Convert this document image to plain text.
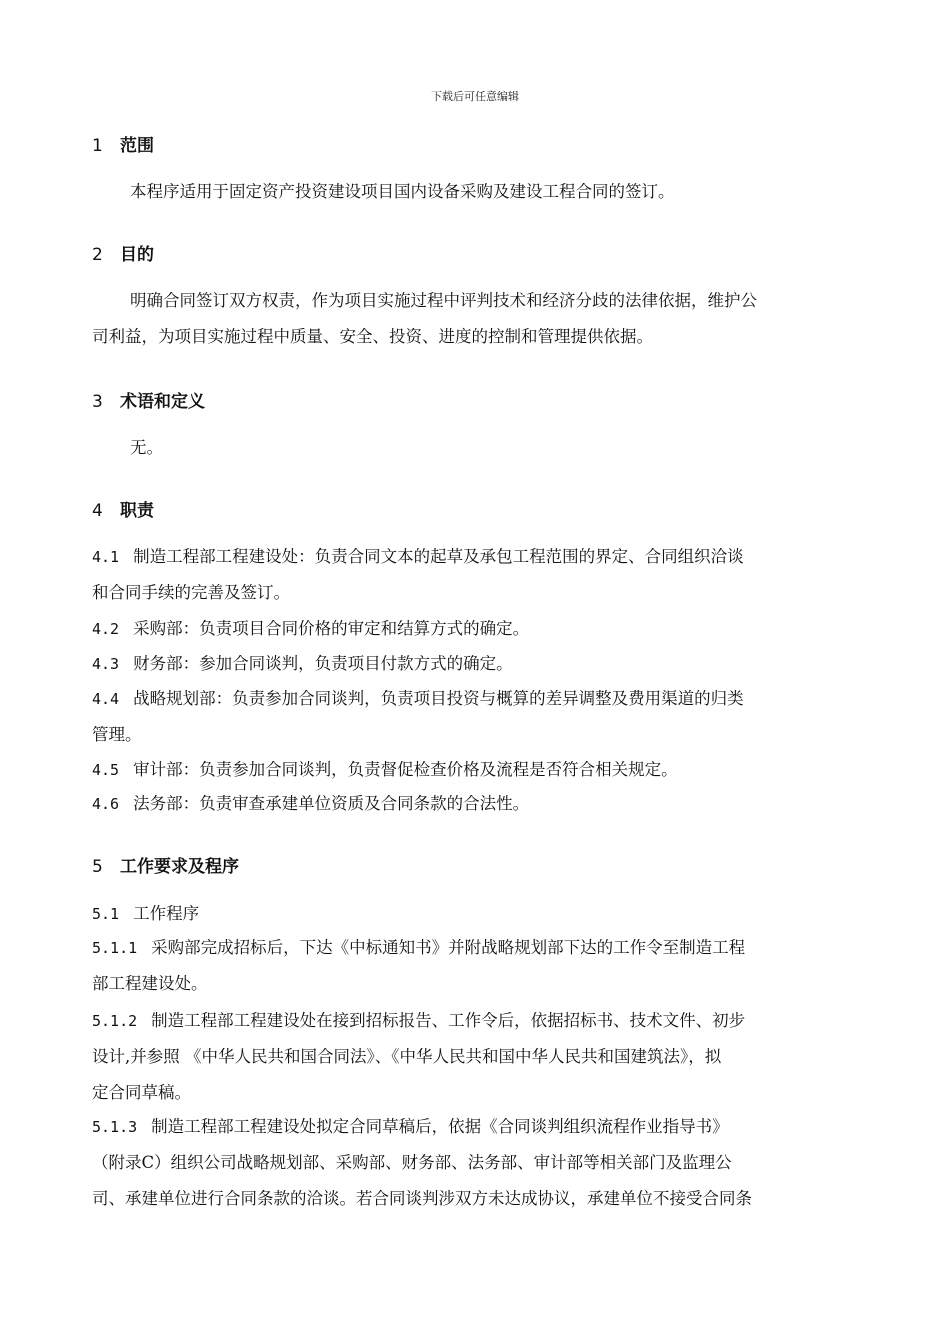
下载后可任意编辑
1 范围
本程序适用于固定资产投资建设项目国内设备采购及建设工程合同的签订。
2 目的
明确合同签订双方权责，作为项目实施过程中评判技术和经济分歧的法律依据，维护公
司利益，为项目实施过程中质量、安全、投资、进度的控制和管理提供依据。
3 术语和定义
无。
4 职责
4.1 制造工程部工程建设处：负责合同文本的起草及承包工程范围的界定、合同组织洽谈
和合同手续的完善及签订。
4.2 采购部：负责项目合同价格的审定和结算方式的确定。
4.3 财务部：参加合同谈判，负责项目付款方式的确定。
4.4 战略规划部：负责参加合同谈判，负责项目投资与概算的差异调整及费用渠道的归类
管理。
4.5 审计部：负责参加合同谈判，负责督促检查价格及流程是否符合相关规定。
4.6 法务部：负责审查承建单位资质及合同条款的合法性。
5 工作要求及程序
5.1 工作程序
5.1.1 采购部完成招标后，下达《中标通知书》并附战略规划部下达的工作令至制造工程
部工程建设处。
5.1.2 制造工程部工程建设处在接到招标报告、工作令后，依据招标书、技术文件、初步
设计,并参照 《中华人民共和国合同法》、《中华人民共和国中华人民共和国建筑法》，拟
定合同草稿。
5.1.3 制造工程部工程建设处拟定合同草稿后，依据《合同谈判组织流程作业指导书》
（附录C）组织公司战略规划部、采购部、财务部、法务部、审计部等相关部门及监理公
司、承建单位进行合同条款的洽谈。若合同谈判涉双方未达成协议，承建单位不接受合同条
